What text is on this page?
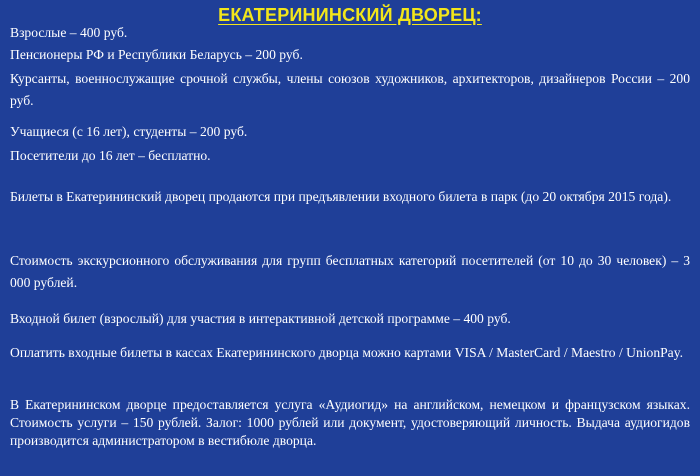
ЕКАТЕРИНИНСКИЙ ДВОРЕЦ:
Взрослые – 400 руб.
Пенсионеры РФ и Республики Беларусь – 200 руб.
Курсанты, военнослужащие срочной службы, члены союзов художников, архитекторов, дизайнеров России – 200 руб.
Учащиеся (с 16 лет), студенты – 200 руб.
Посетители до 16 лет – бесплатно.
Билеты в Екатерининский дворец продаются при предъявлении входного билета в парк (до 20 октября 2015 года).
Стоимость экскурсионного обслуживания для групп бесплатных категорий посетителей (от 10 до 30 человек) – 3 000 рублей.
Входной билет (взрослый) для участия в интерактивной детской программе – 400 руб.
Оплатить входные билеты в кассах Екатерининского дворца можно картами VISA / MasterCard / Maestro / UnionPay.
В Екатерининском дворце предоставляется услуга «Аудиогид» на английском, немецком и французском языках. Стоимость услуги – 150 рублей. Залог: 1000 рублей или документ, удостоверяющий личность. Выдача аудиогидов производится администратором в вестибюле дворца.
